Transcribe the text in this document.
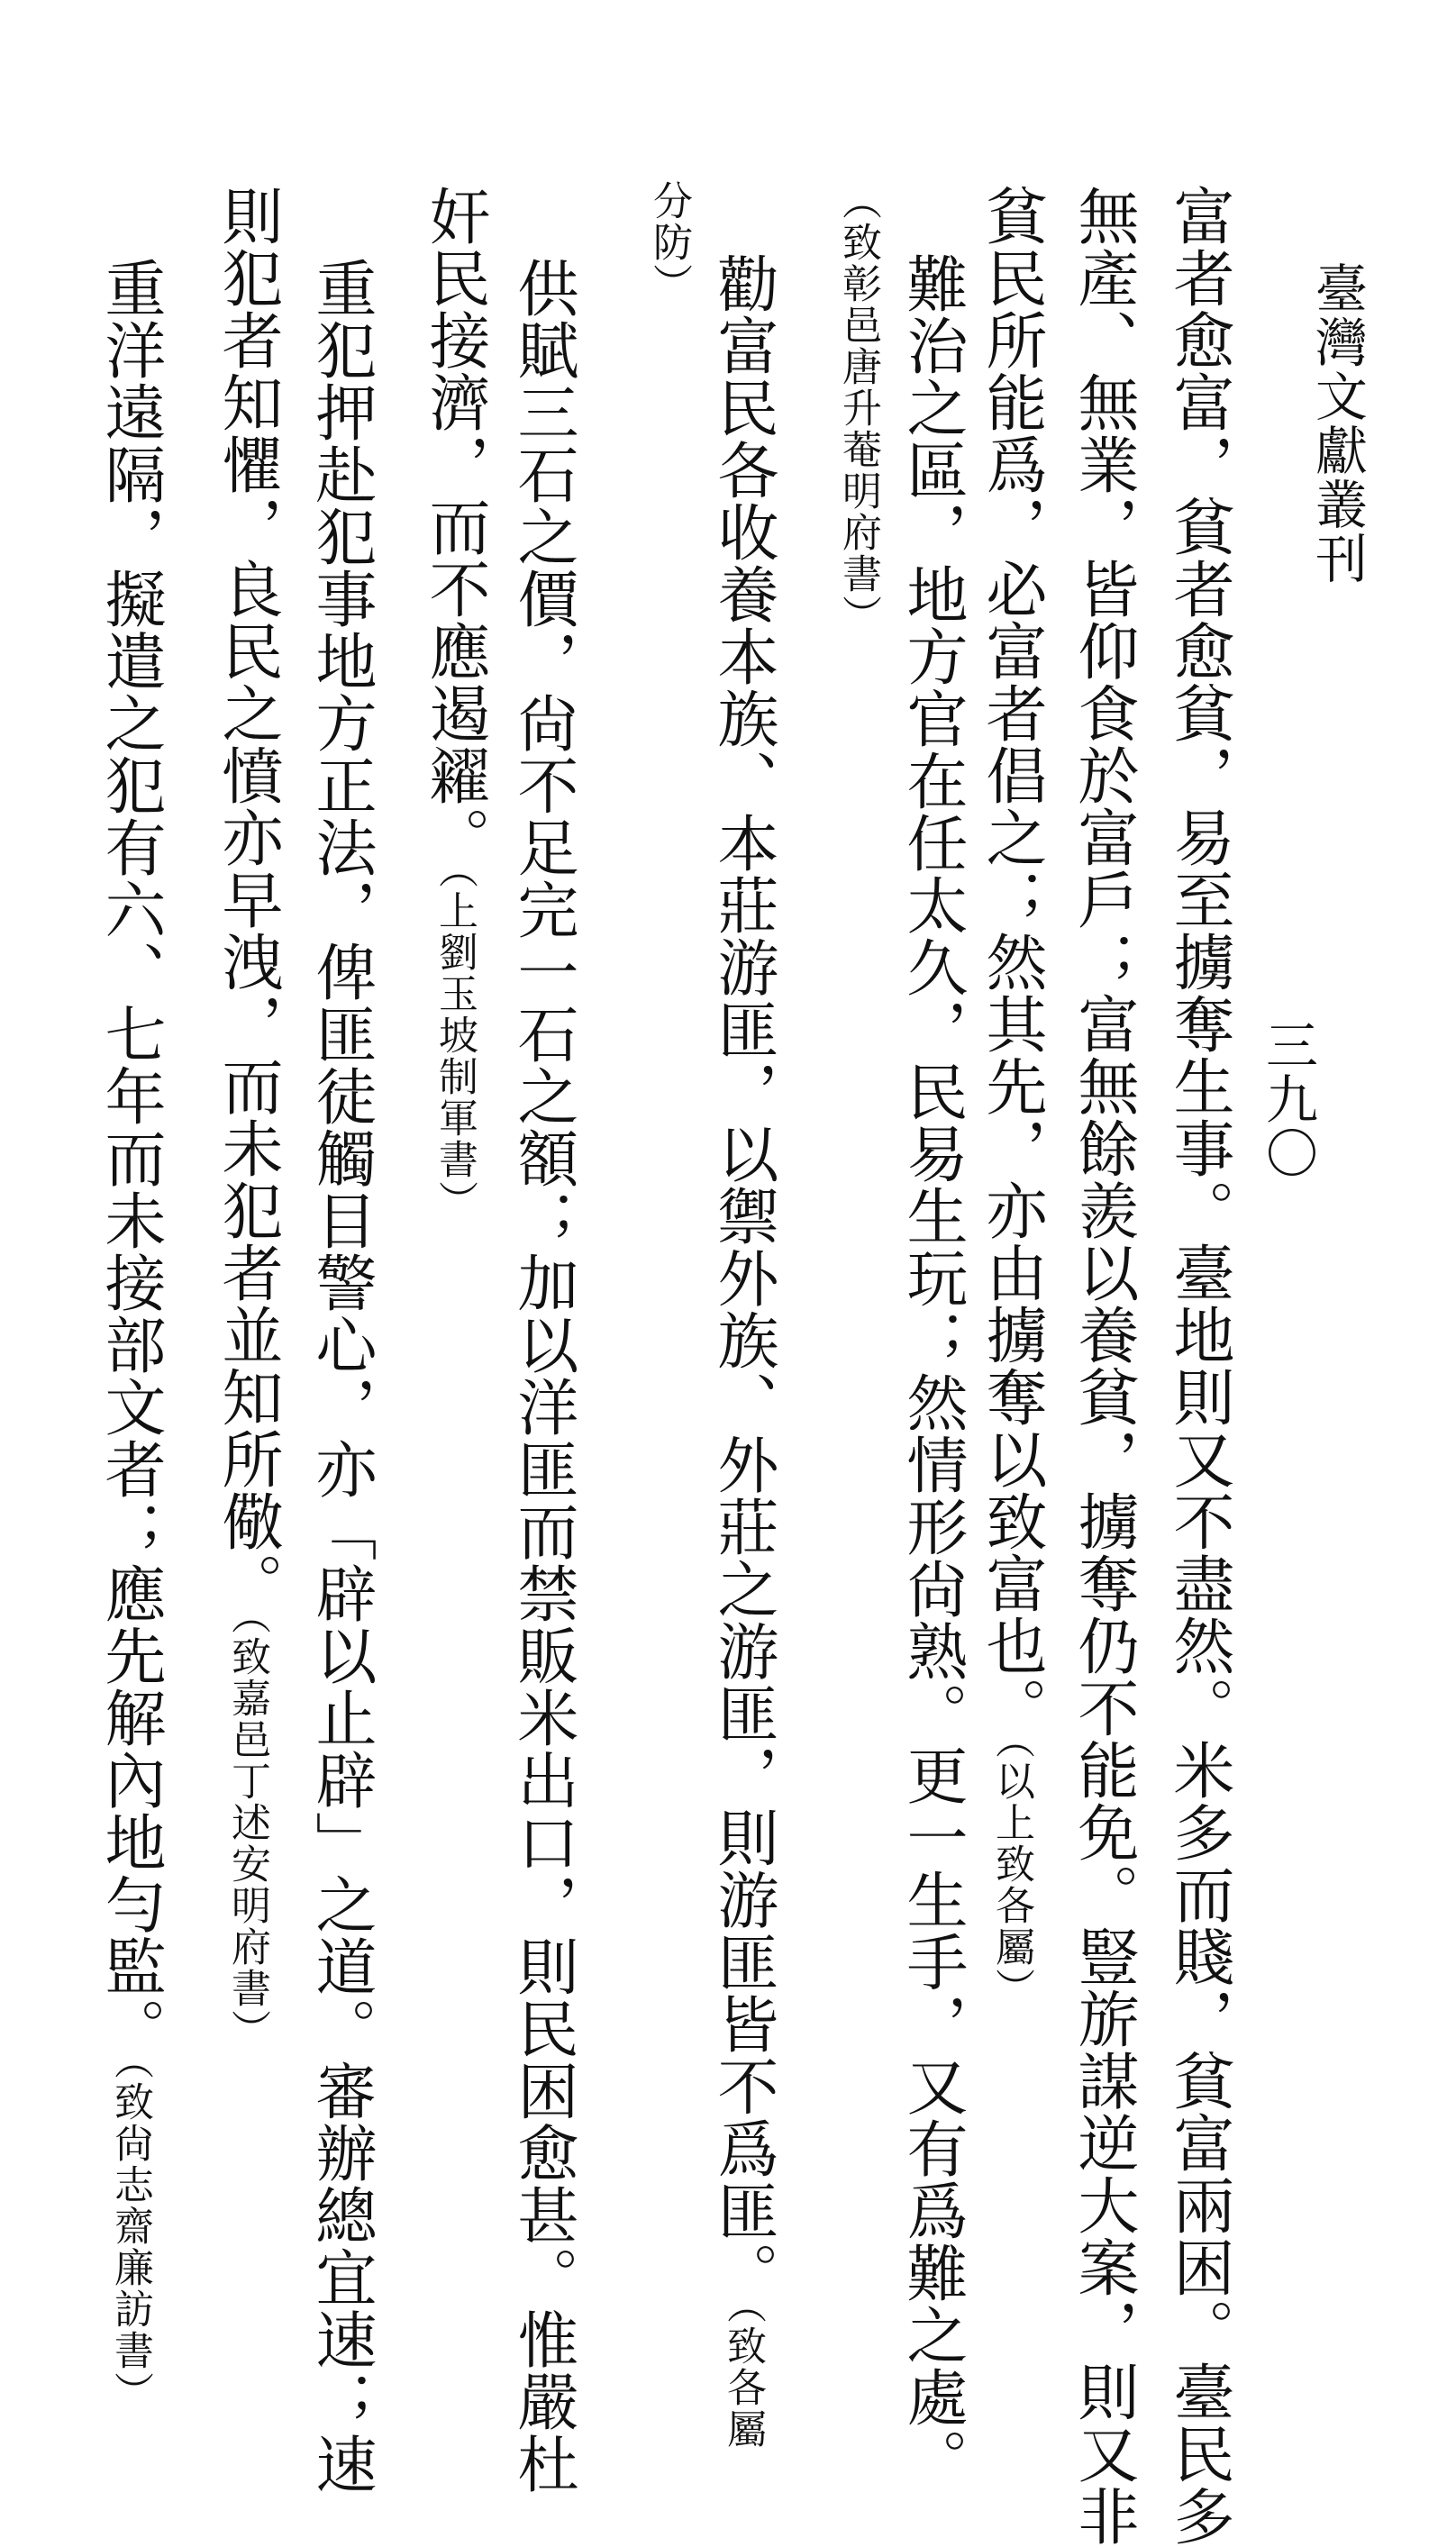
臺灣文獻叢刊
三九〇
富者愈富，貧者愈貧，易至擄奪生事。臺地則又不盡然。米多而賤，貧富兩困。臺民多
無產、無業，皆仰食於富戶；富無餘羨以養貧，擄奪仍不能免。豎旂謀逆大案，則又非
貧民所能爲，必富者倡之；然其先，亦由擄奪以致富也。（以上致各屬）
難治之區，地方官在任太久，民易生玩；然情形尙熟。更一生手，又有爲難之處。
（致彰邑唐升菴明府書）
勸富民各收養本族、本莊游匪，以禦外族、外莊之游匪，則游匪皆不爲匪。（致各屬
分防）
供賦三石之價，尙不足完一石之額；加以洋匪而禁販米出口，則民困愈甚。惟嚴杜
奸民接濟，而不應遏糴。（上劉玉坡制軍書）
重犯押赴犯事地方正法，俾匪徒觸目警心，亦「辟以止辟」之道。審辦總宜速；速
則犯者知懼，良民之憤亦早洩，而未犯者並知所儆。（致嘉邑丁述安明府書）
重洋遠隔，擬遣之犯有六、七年而未接部文者；應先解內地勻監。（致尙志齋廉訪書）
